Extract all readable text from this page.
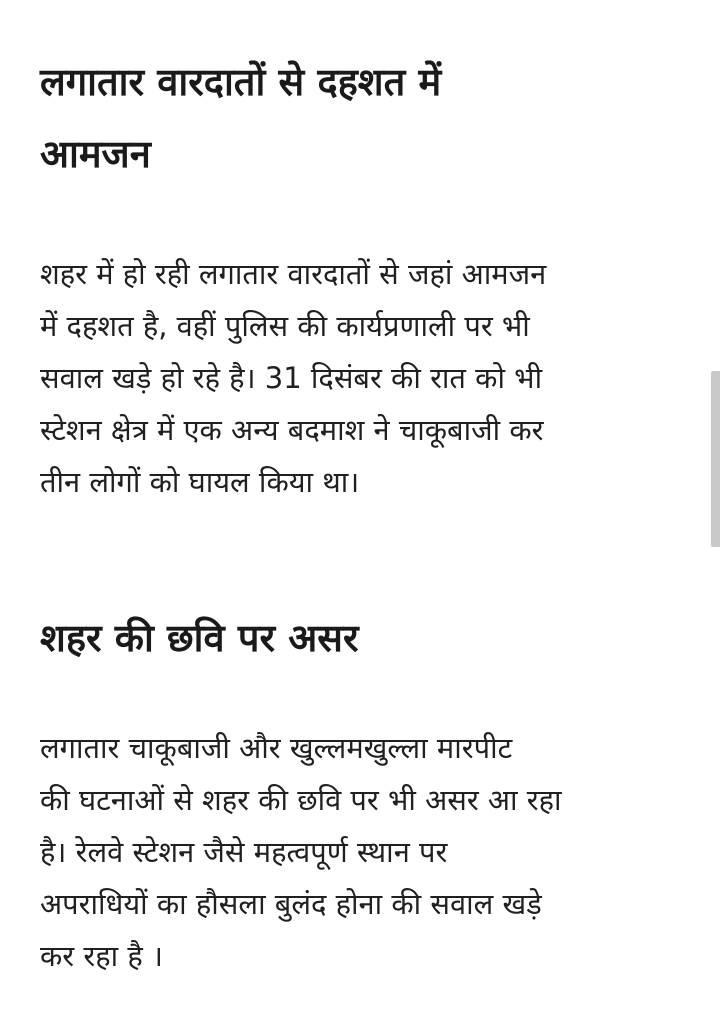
लगातार वारदातों से दहशत में
आमजन

शहर में हो रही लगातार वारदातों से जहां आमजन
में दहशत है, वहीं पुलिस की कार्यप्रणाली पर भी
सवाल खड़े हो रहे है। 31 दिसंबर की रात को भी
स्टेशन क्षेत्र में एक अन्य बदमाश ने चाकूबाजी कर
तीन लोगों को घायल किया था।

शहर की छवि पर असर

लगातार चाकूबाजी और खुल्लमखुल्ला मारपीट
की घटनाओं से शहर की छवि पर भी असर आ रहा
है। रेलवे स्टेशन जैसे महत्वपूर्ण स्थान पर
अपराधियों का हौसला बुलंद होना की सवाल खड़े
कर रहा है ।
